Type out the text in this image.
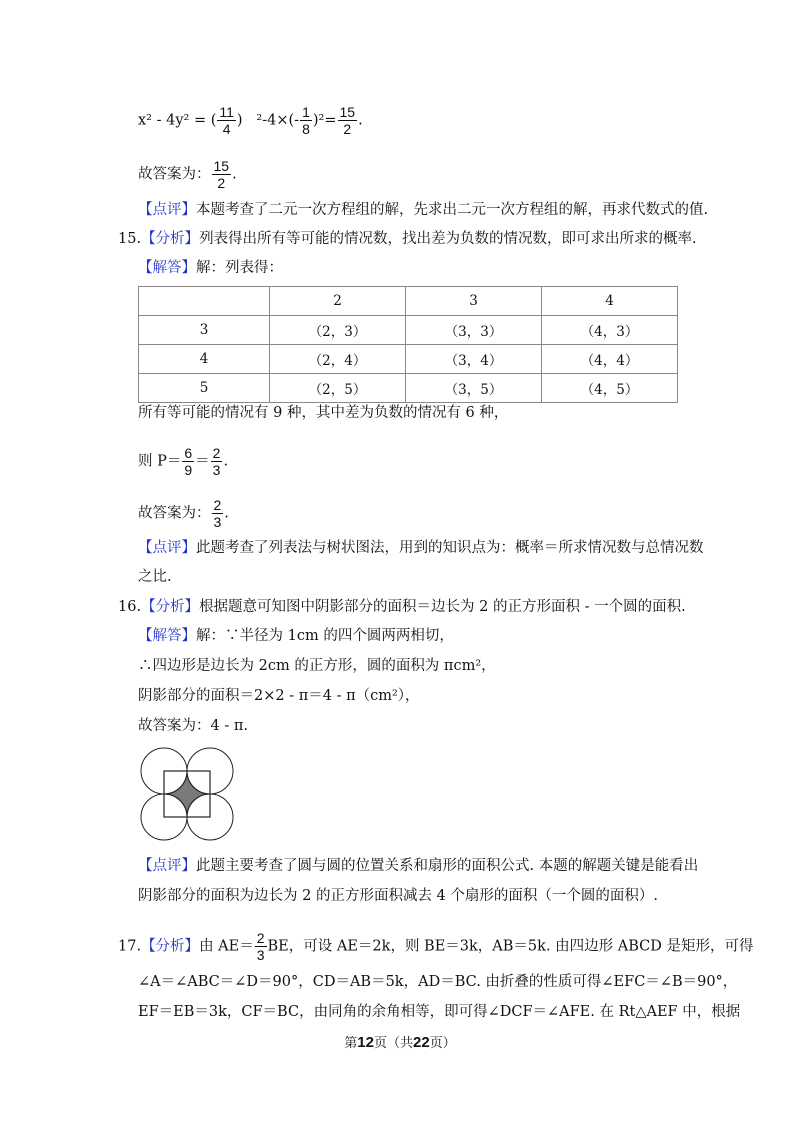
x² - 4y² = ( $\frac{11}{4}$ ) $^2-4\times(- \frac{1}{8} )^2= \frac{15}{2}$ .
故答案为： $\frac{15}{2}$ .
【点评】本题考查了二元一次方程组的解，先求出二元一次方程组的解，再求代数式的值.
15.【分析】列表得出所有等可能的情况数，找出差为负数的情况数，即可求出所求的概率.
【解答】解：列表得：
	2	3	4
3	（2，3）	（3，3）	（4，3）
4	（2，4）	（3，4）	（4，4）
5	（2，5）	（3，5）	（4，5）
所有等可能的情况有 9 种，其中差为负数的情况有 6 种，
则 $P= \frac{6}{9} = \frac{2}{3}$ .
故答案为： $\frac{2}{3}$ .
【点评】此题考查了列表法与树状图法，用到的知识点为：概率＝所求情况数与总情况数
之比.
16.【分析】根据题意可知图中阴影部分的面积＝边长为 2 的正方形面积 - 一个圆的面积.
【解答】解：∵半径为 1cm 的四个圆两两相切，
∴四边形是边长为 2cm 的正方形，圆的面积为 πcm²，
阴影部分的面积＝2×2 - π＝4 - π（cm²），
故答案为：4 - π.
【点评】此题主要考查了圆与圆的位置关系和扇形的面积公式. 本题的解题关键是能看出
阴影部分的面积为边长为 2 的正方形面积减去 4 个扇形的面积（一个圆的面积）.
17.【分析】由 $AE= \frac{2}{3}$ BE，可设 AE＝2k，则 BE＝3k，AB＝5k. 由四边形 ABCD 是矩形，可得
∠A＝∠ABC＝∠D＝90°，CD＝AB＝5k，AD＝BC. 由折叠的性质可得∠EFC＝∠B＝90°，
EF＝EB＝3k，CF＝BC，由同角的余角相等，即可得∠DCF＝∠AFE. 在 Rt△AEF 中，根据
第12页（共22页）
